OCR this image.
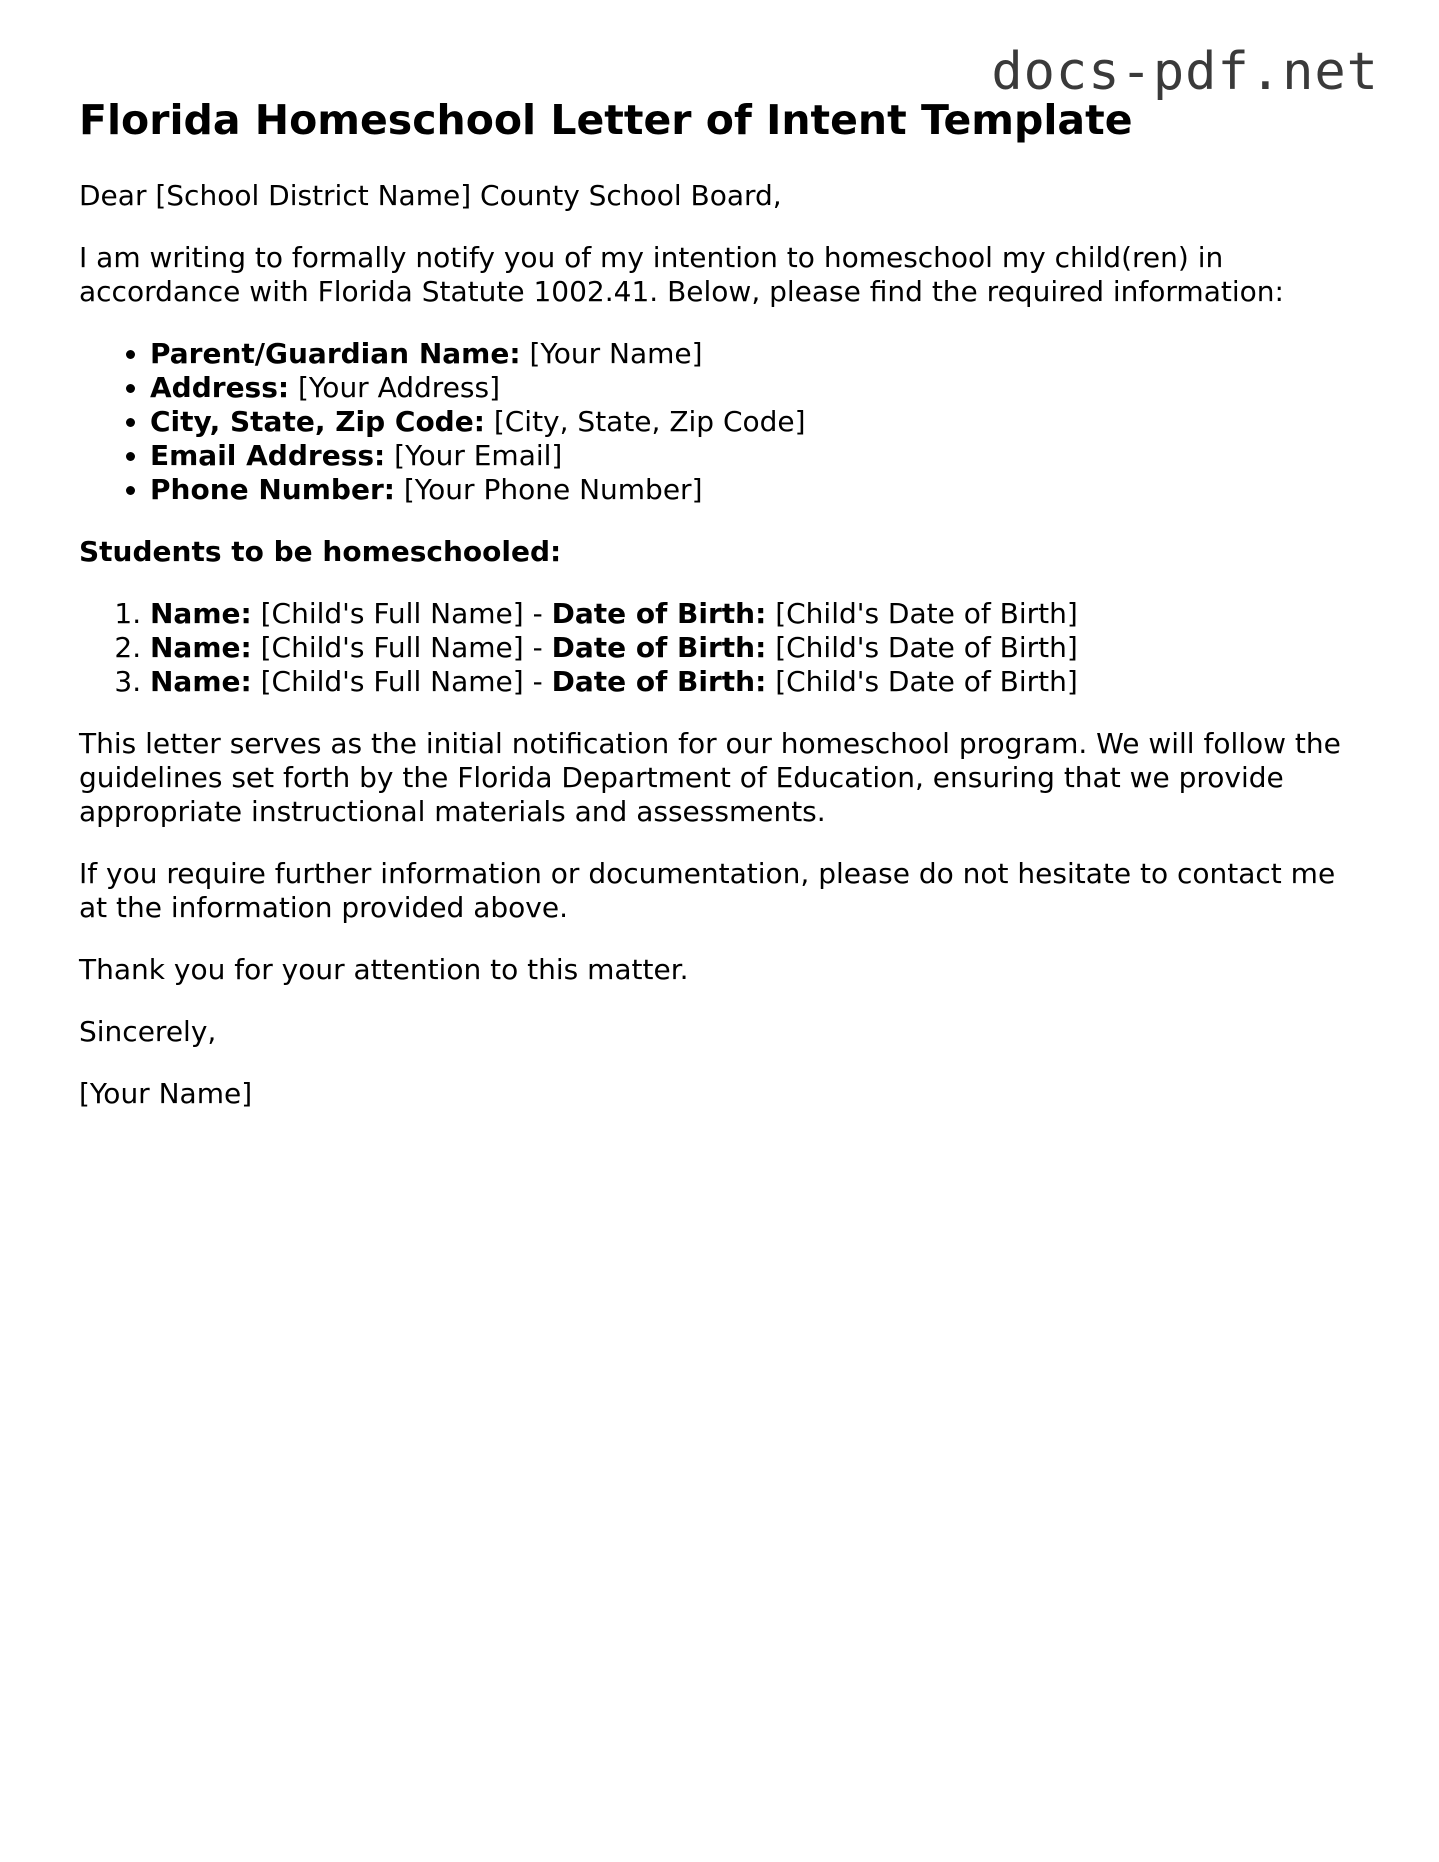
docs-pdf.net
Florida Homeschool Letter of Intent Template

Dear [School District Name] County School Board,

I am writing to formally notify you of my intention to homeschool my child(ren) in accordance with Florida Statute 1002.41. Below, please find the required information:

• Parent/Guardian Name: [Your Name]
• Address: [Your Address]
• City, State, Zip Code: [City, State, Zip Code]
• Email Address: [Your Email]
• Phone Number: [Your Phone Number]

Students to be homeschooled:

1. Name: [Child's Full Name] - Date of Birth: [Child's Date of Birth]
2. Name: [Child's Full Name] - Date of Birth: [Child's Date of Birth]
3. Name: [Child's Full Name] - Date of Birth: [Child's Date of Birth]

This letter serves as the initial notification for our homeschool program. We will follow the guidelines set forth by the Florida Department of Education, ensuring that we provide appropriate instructional materials and assessments.

If you require further information or documentation, please do not hesitate to contact me at the information provided above.

Thank you for your attention to this matter.

Sincerely,

[Your Name]
